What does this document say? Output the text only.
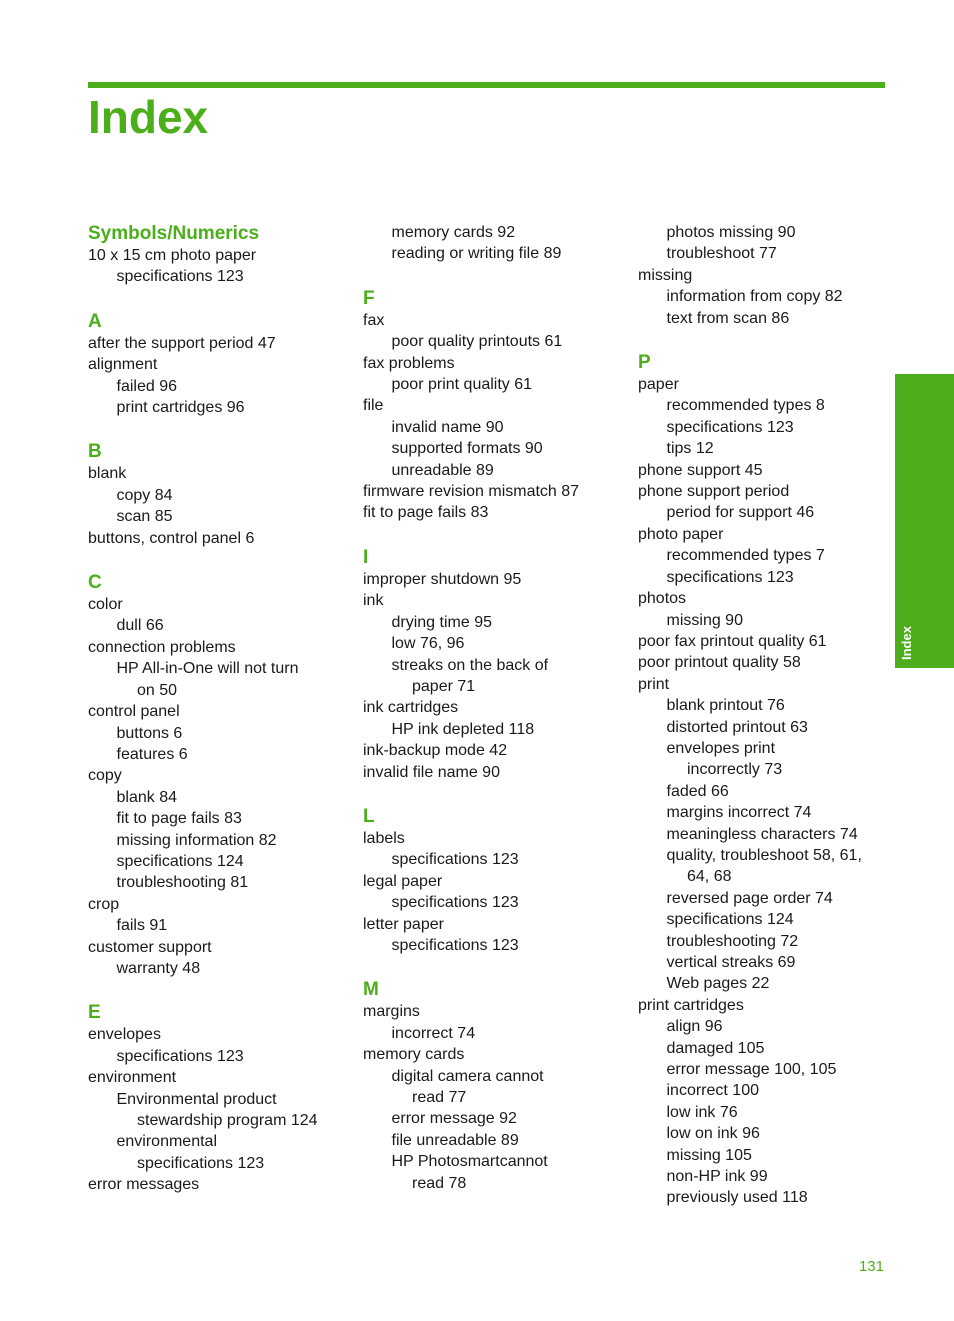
Index
Symbols/Numerics
10 x 15 cm photo paper
specifications 123
A
after the support period 47
alignment
failed 96
print cartridges 96
B
blank
copy 84
scan 85
buttons, control panel 6
C
color
dull 66
connection problems
HP All-in-One will not turn
on 50
control panel
buttons 6
features 6
copy
blank 84
fit to page fails 83
missing information 82
specifications 124
troubleshooting 81
crop
fails 91
customer support
warranty 48
E
envelopes
specifications 123
environment
Environmental product
stewardship program 124
environmental
specifications 123
error messages
memory cards 92
reading or writing file 89
F
fax
poor quality printouts 61
fax problems
poor print quality 61
file
invalid name 90
supported formats 90
unreadable 89
firmware revision mismatch 87
fit to page fails 83
I
improper shutdown 95
ink
drying time 95
low 76, 96
streaks on the back of
paper 71
ink cartridges
HP ink depleted 118
ink-backup mode 42
invalid file name 90
L
labels
specifications 123
legal paper
specifications 123
letter paper
specifications 123
M
margins
incorrect 74
memory cards
digital camera cannot
read 77
error message 92
file unreadable 89
HP Photosmartcannot
read 78
photos missing 90
troubleshoot 77
missing
information from copy 82
text from scan 86
P
paper
recommended types 8
specifications 123
tips 12
phone support 45
phone support period
period for support 46
photo paper
recommended types 7
specifications 123
photos
missing 90
poor fax printout quality 61
poor printout quality 58
print
blank printout 76
distorted printout 63
envelopes print
incorrectly 73
faded 66
margins incorrect 74
meaningless characters 74
quality, troubleshoot 58, 61,
64, 68
reversed page order 74
specifications 124
troubleshooting 72
vertical streaks 69
Web pages 22
print cartridges
align 96
damaged 105
error message 100, 105
incorrect 100
low ink 76
low on ink 96
missing 105
non-HP ink 99
previously used 118
Index
131
